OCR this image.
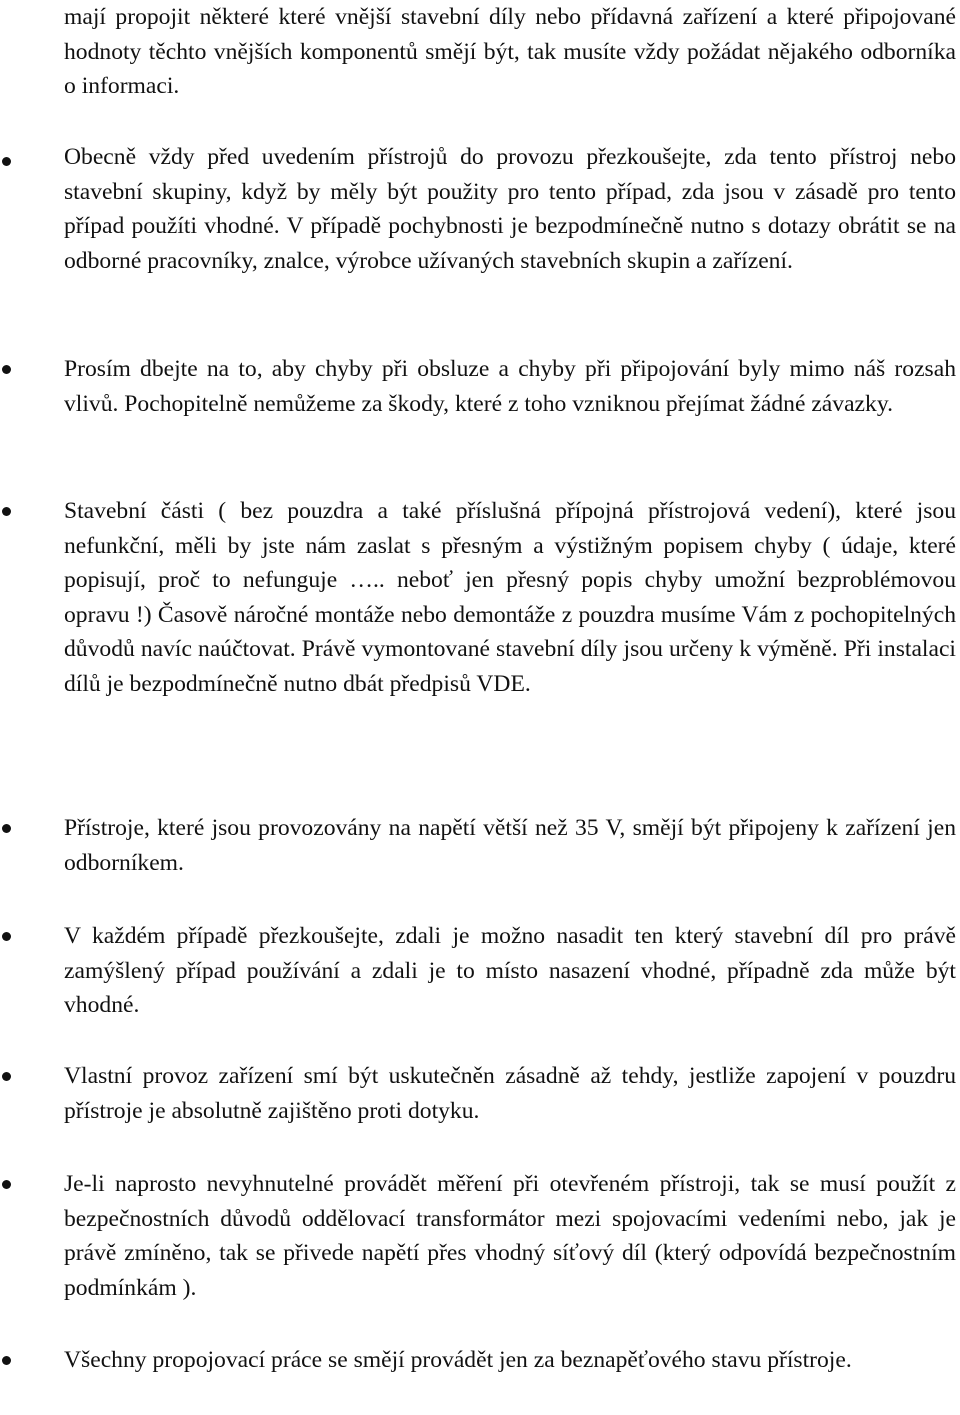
mají propojit některé které vnější stavební díly nebo přídavná zařízení a které připojované hodnoty těchto vnějších komponentů smějí být, tak musíte vždy požádat nějakého odborníka o informaci.
Obecně vždy před uvedením přístrojů do provozu přezkoušejte, zda tento přístroj nebo stavební skupiny, když by měly být použity pro tento případ, zda jsou v zásadě pro tento případ použíti vhodné. V případě pochybnosti je bezpodmínečně nutno s dotazy obrátit se na odborné pracovníky, znalce, výrobce užívaných stavebních skupin a zařízení.
Prosím dbejte na to, aby chyby při obsluze a chyby při připojování byly mimo náš rozsah vlivů. Pochopitelně nemůžeme za škody, které z toho vzniknou přejímat žádné závazky.
Stavební části ( bez pouzdra a také příslušná přípojná přístrojová vedení), které jsou nefunkční, měli by jste nám zaslat s přesným a výstižným popisem chyby ( údaje, které popisují, proč to nefunguje ….. neboť jen přesný popis chyby umožní bezproblémovou opravu !) Časově náročné montáže nebo demontáže z pouzdra musíme Vám z pochopitelných důvodů navíc naúčtovat. Právě vymontované stavební díly jsou určeny k výměně. Při instalaci dílů je bezpodmínečně nutno dbát předpisů VDE.
Přístroje, které jsou provozovány na napětí větší než 35 V, smějí být připojeny k zařízení jen odborníkem.
V každém případě přezkoušejte, zdali je možno nasadit ten který stavební díl pro právě zamýšlený případ používání a zdali je to místo nasazení vhodné, případně zda může být vhodné.
Vlastní provoz zařízení smí být uskutečněn zásadně až tehdy, jestliže zapojení v pouzdru přístroje je absolutně zajištěno proti dotyku.
Je-li naprosto nevyhnutelné provádět měření při otevřeném přístroji, tak se musí použít z bezpečnostních důvodů oddělovací transformátor mezi spojovacími vedeními nebo, jak je právě zmíněno, tak se přivede napětí přes vhodný síťový díl (který odpovídá bezpečnostním podmínkám ).
Všechny propojovací práce se smějí provádět jen za beznapěťového stavu přístroje.
